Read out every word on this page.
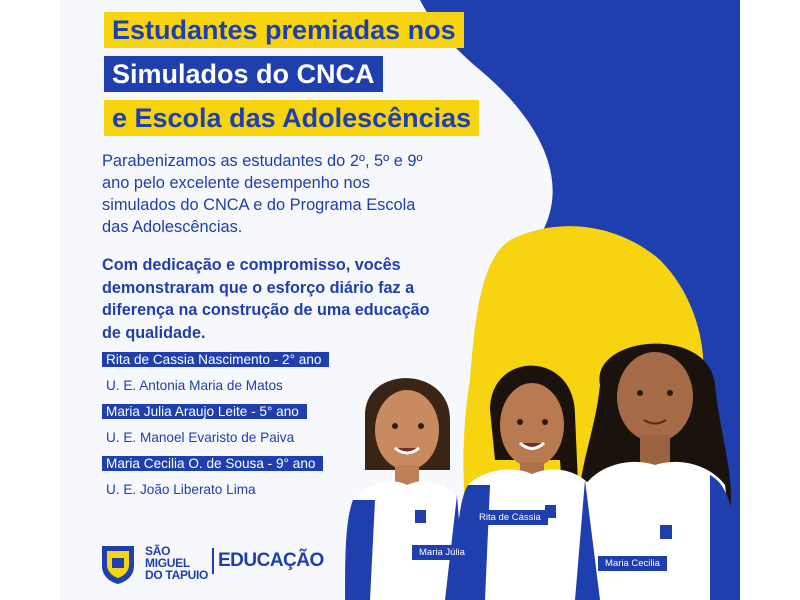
Estudantes premiadas nos
Simulados do CNCA
e Escola das Adolescências
Parabenizamos as estudantes do 2º, 5º e 9º ano pelo excelente desempenho nos simulados do CNCA e do Programa Escola das Adolescências.
Com dedicação e compromisso, vocês demonstraram que o esforço diário faz a diferença na construção de uma educação de qualidade.
Rita de Cassia Nascimento - 2° ano
U. E. Antonia Maria de Matos
Maria Julia Araujo Leite - 5° ano
U. E. Manoel Evaristo de Paiva
Maria Cecilia O. de Sousa - 9° ano
U. E. João Liberato Lima
Maria Júlia
Rita de Cássia
Maria Cecilia
SÃO MIGUEL
DO TAPUIO
EDUCAÇÃO
